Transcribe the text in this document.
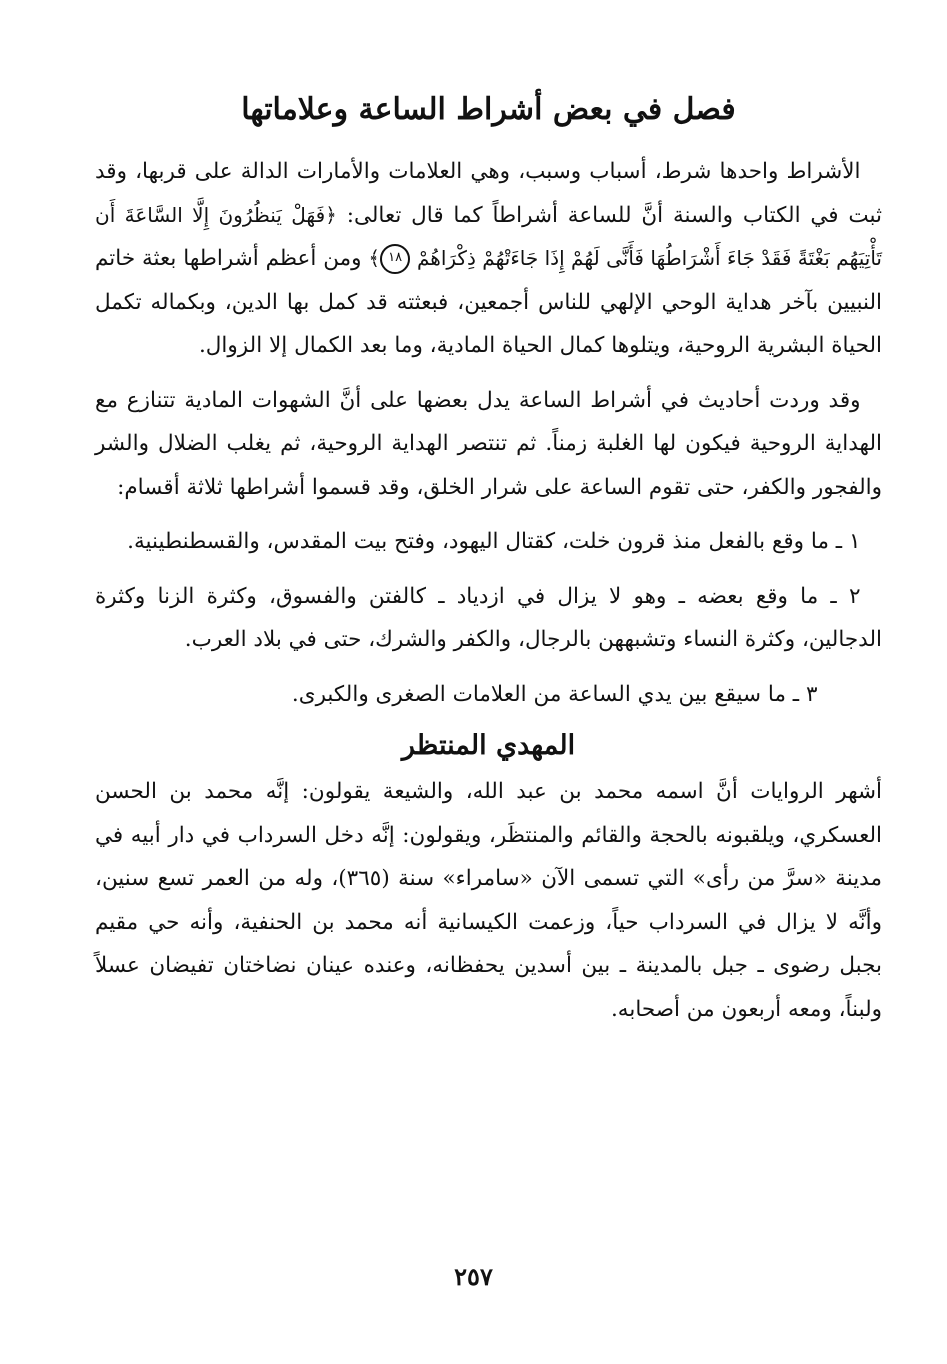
فصل في بعض أشراط الساعة وعلاماتها

 الأشراط واحدها شرط، أسباب وسبب، وهي العلامات والأمارات الدالة على قربها، وقد ثبت في الكتاب والسنة أنَّ للساعة أشراطاً كما قال تعالى: ﴿فَهَلْ يَنظُرُونَ إِلَّا السَّاعَةَ أَن تَأْتِيَهُم بَغْتَةً فَقَدْ جَاءَ أَشْرَاطُهَا فَأَنَّى لَهُمْ إِذَا جَاءَتْهُمْ ذِكْرَاهُمْ ١٨﴾ ومن أعظم أشراطها بعثة خاتم النبيين بآخر هداية الوحي الإلهي للناس أجمعين، فبعثته قد كمل بها الدين، وبكماله تكمل الحياة البشرية الروحية، ويتلوها كمال الحياة المادية، وما بعد الكمال إلا الزوال.

 وقد وردت أحاديث في أشراط الساعة يدل بعضها على أنَّ الشهوات المادية تتنازع مع الهداية الروحية فيكون لها الغلبة زمناً. ثم تنتصر الهداية الروحية، ثم يغلب الضلال والشر والفجور والكفر، حتى تقوم الساعة على شرار الخلق، وقد قسموا أشراطها ثلاثة أقسام:

 ١ ـ ما وقع بالفعل منذ قرون خلت، كقتال اليهود، وفتح بيت المقدس، والقسطنطينية.

 ٢ ـ ما وقع بعضه ـ وهو لا يزال في ازدياد ـ كالفتن والفسوق، وكثرة الزنا وكثرة الدجالين، وكثرة النساء وتشبههن بالرجال، والكفر والشرك، حتى في بلاد العرب.

   ٣ ـ ما سيقع بين يدي الساعة من العلامات الصغرى والكبرى.

المهدي المنتظر

أشهر الروايات أنَّ اسمه محمد بن عبد الله، والشيعة يقولون: إنَّه محمد بن الحسن العسكري، ويلقبونه بالحجة والقائم والمنتظَر، ويقولون: إنَّه دخل السرداب في دار أبيه في مدينة «سرَّ من رأى» التي تسمى الآن «سامراء» سنة (٣٦٥)، وله من العمر تسع سنين، وأنَّه لا يزال في السرداب حياً، وزعمت الكيسانية أنه محمد بن الحنفية، وأنه حي مقيم بجبل رضوى ـ جبل بالمدينة ـ بين أسدين يحفظانه، وعنده عينان نضاختان تفيضان عسلاً ولبناً، ومعه أربعون من أصحابه.

٢٥٧
